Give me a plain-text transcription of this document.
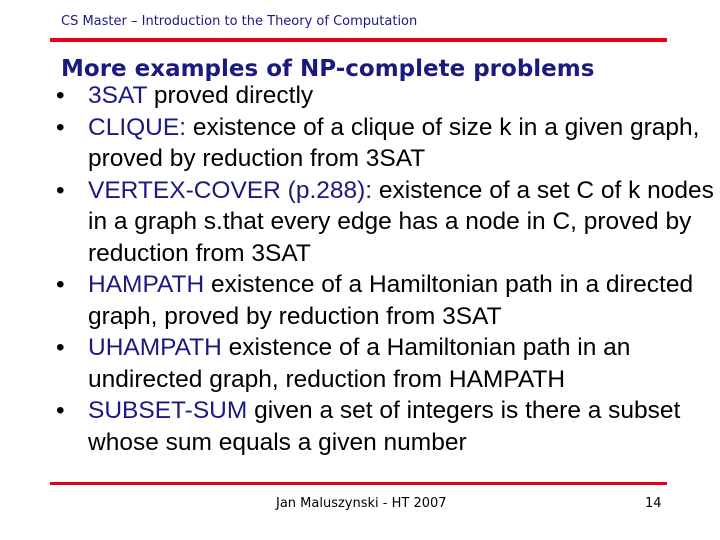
CS Master – Introduction to the Theory of Computation
More examples of NP-complete problems
• 3SAT proved directly
• CLIQUE: existence of a clique of size k in a given graph, proved by reduction from 3SAT
• VERTEX-COVER (p.288): existence of a set C of k nodes in a graph s.that every edge has a node in C, proved by reduction from 3SAT
• HAMPATH existence of a Hamiltonian path in a directed graph, proved by reduction from 3SAT
• UHAMPATH existence of a Hamiltonian path in an undirected graph, reduction from HAMPATH
• SUBSET-SUM given a set of integers is there a subset whose sum equals a given number
Jan Maluszynski - HT 2007	14
